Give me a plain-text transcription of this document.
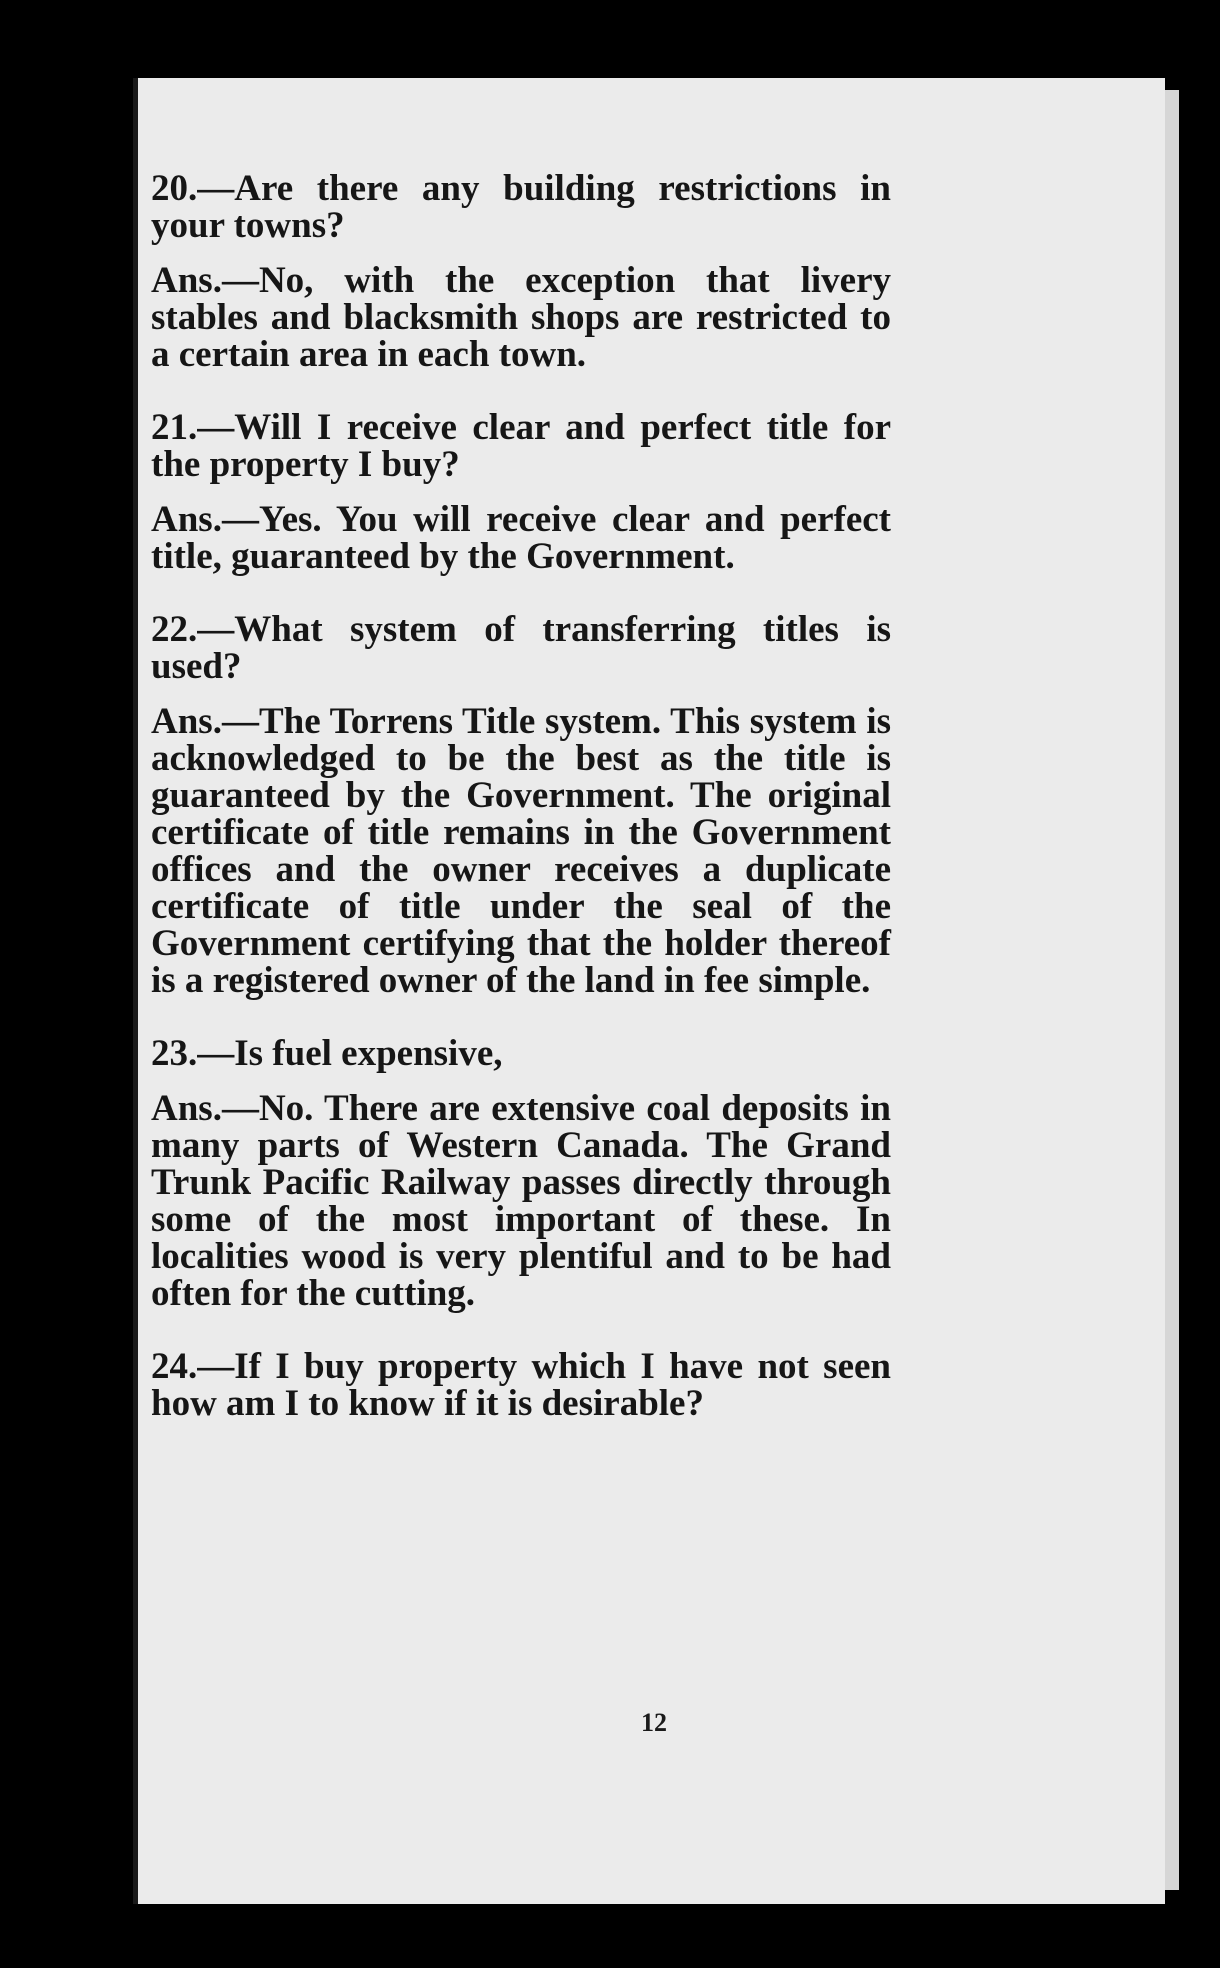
12

20.—Are there any building restrictions in your towns?

Ans.—No, with the exception that livery stables and blacksmith shops are restricted to a certain area in each town.

21.—Will I receive clear and perfect title for the property I buy?

Ans.—Yes. You will receive clear and perfect title, guaranteed by the Government.

22.—What system of transferring titles is used?

Ans.—The Torrens Title system. This system is acknowledged to be the best as the title is guaranteed by the Government. The original certificate of title remains in the Government offices and the owner receives a duplicate certificate of title under the seal of the Government certifying that the holder thereof is a registered owner of the land in fee simple.

23.—Is fuel expensive,

Ans.—No. There are extensive coal deposits in many parts of Western Canada. The Grand Trunk Pacific Railway passes directly through some of the most important of these. In localities wood is very plentiful and to be had often for the cutting.

24.—If I buy property which I have not seen how am I to know if it is desirable?
